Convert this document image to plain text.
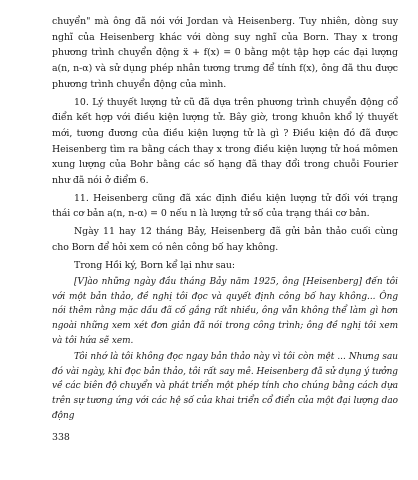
chuyển" mà ông đã nói với Jordan và Heisenberg. Tuy nhiên, dòng suy nghĩ của Heisenberg khác với dòng suy nghĩ của Born. Thay x trong phương trình chuyển động ẍ + f(x) = 0 bằng một tập hợp các đại lượng a(n, n-α) và sử dụng phép nhân tương trưng để tính f(x), ông đã thu được phương trình chuyển động của mình.

10. Lý thuyết lượng tử cũ đã dựa trên phương trình chuyển động cổ điển kết hợp với điều kiện lượng tử. Bây giờ, trong khuôn khổ lý thuyết mới, tương đương của điều kiện lượng tử là gì ? Điều kiện đó đã được Heisenberg tìm ra bằng cách thay x trong điều kiện lượng tử hoá mômen xung lượng của Bohr bằng các số hạng đã thay đổi trong chuỗi Fourier như đã nói ở điểm 6.

11. Heisenberg cũng đã xác định điều kiện lượng tử đối với trạng thái cơ bản a(n, n-α) = 0 nếu n là lượng tử số của trạng thái cơ bản.

Ngày 11 hay 12 tháng Bảy, Heisenberg đã gửi bản thảo cuối cùng cho Born để hỏi xem có nên công bố hay không.

Trong Hồi ký, Born kể lại như sau:

[V]ào những ngày đầu tháng Bảy năm 1925, ông [Heisenberg] đến tôi với một bản thảo, đề nghị tôi đọc và quyết định công bố hay không... Ông nói thêm rằng mặc dầu đã cố gắng rất nhiều, ông vẫn không thể làm gì hơn ngoài những xem xét đơn giản đã nói trong công trình; ông đề nghị tôi xem và tôi hứa sẽ xem.

Tôi nhớ là tôi không đọc ngay bản thảo này vì tôi còn mệt ... Nhưng sau đó vài ngày, khi đọc bản thảo, tôi rất say mê. Heisenberg đã sử dụng ý tưởng về các biên độ chuyển và phát triển một phép tính cho chúng bằng cách dựa trên sự tương ứng với các hệ số của khai triển cổ điển của một đại lượng dao động

338
